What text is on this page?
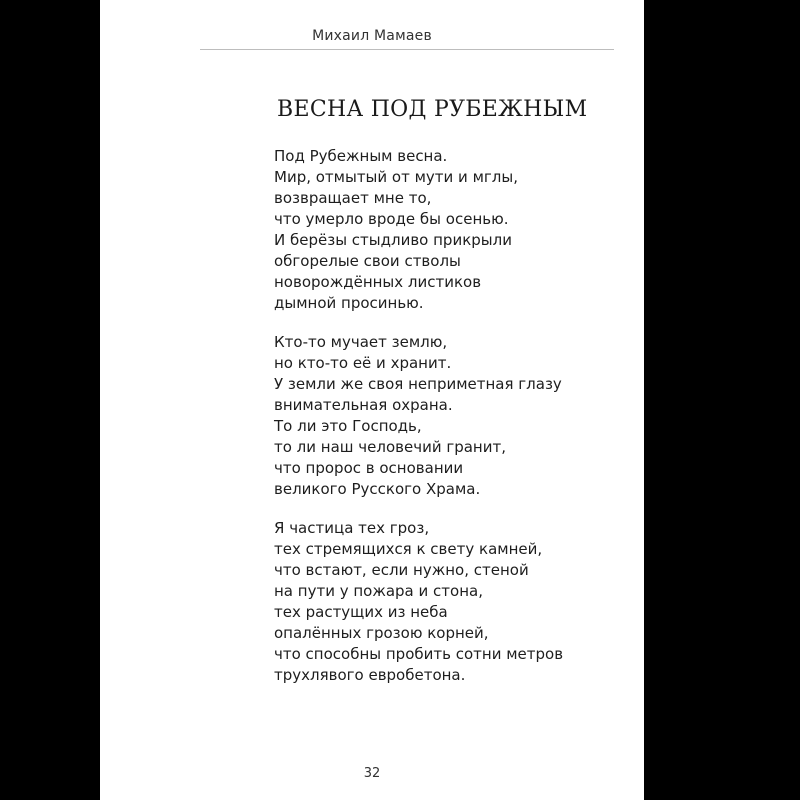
Михаил Мамаев
ВЕСНА ПОД РУБЕЖНЫМ
Под Рубежным весна.
Мир, отмытый от мути и мглы,
возвращает мне то,
что умерло вроде бы осенью.
И берёзы стыдливо прикрыли
обгорелые свои стволы
новорождённых листиков
дымной просинью.
Кто-то мучает землю,
но кто-то её и хранит.
У земли же своя неприметная глазу
внимательная охрана.
То ли это Господь,
то ли наш человечий гранит,
что пророс в основании
великого Русского Храма.
Я частица тех гроз,
тех стремящихся к свету камней,
что встают, если нужно, стеной
на пути у пожара и стона,
тех растущих из неба
опалённых грозою корней,
что способны пробить сотни метров
трухлявого евробетона.
32
